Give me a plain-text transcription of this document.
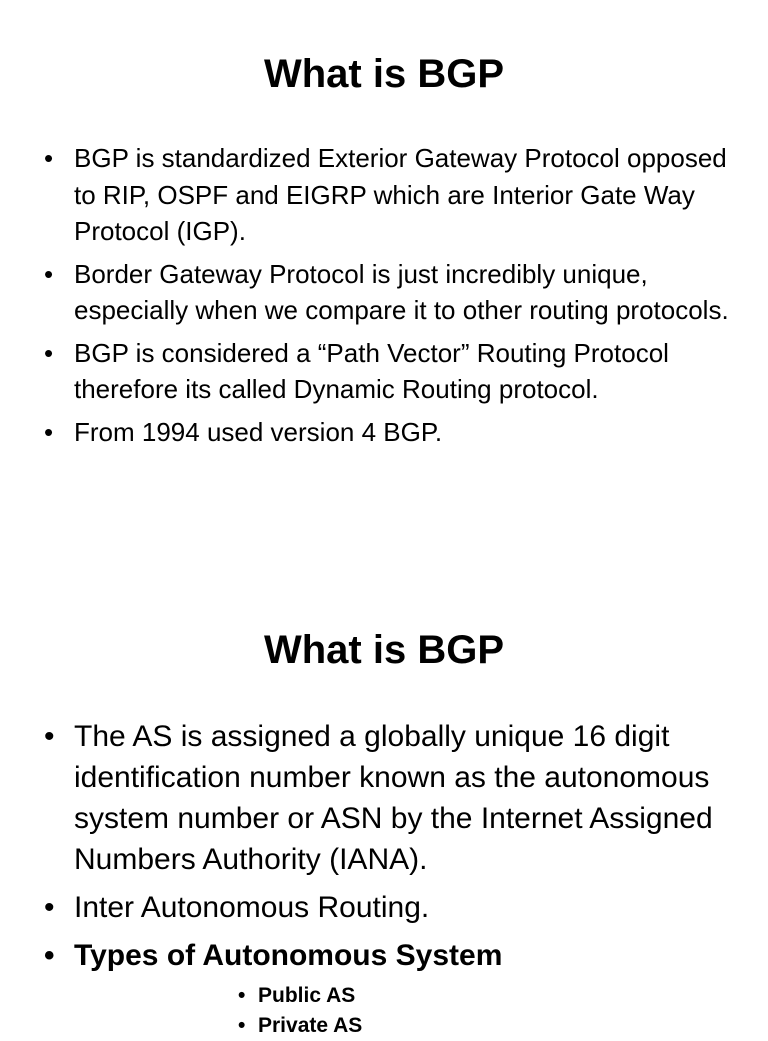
What is BGP
• BGP is standardized Exterior Gateway Protocol opposed to RIP, OSPF and EIGRP which are Interior Gate Way Protocol (IGP).
• Border Gateway Protocol is just incredibly unique, especially when we compare it to other routing protocols.
• BGP is considered a “Path Vector” Routing Protocol therefore its called Dynamic Routing protocol.
• From 1994 used version 4 BGP.
What is BGP
• The AS is assigned a globally unique 16 digit identification number known as the autonomous system number or ASN by the Internet Assigned Numbers Authority (IANA).
• Inter Autonomous Routing.
• Types of Autonomous System
• Public AS
• Private AS
